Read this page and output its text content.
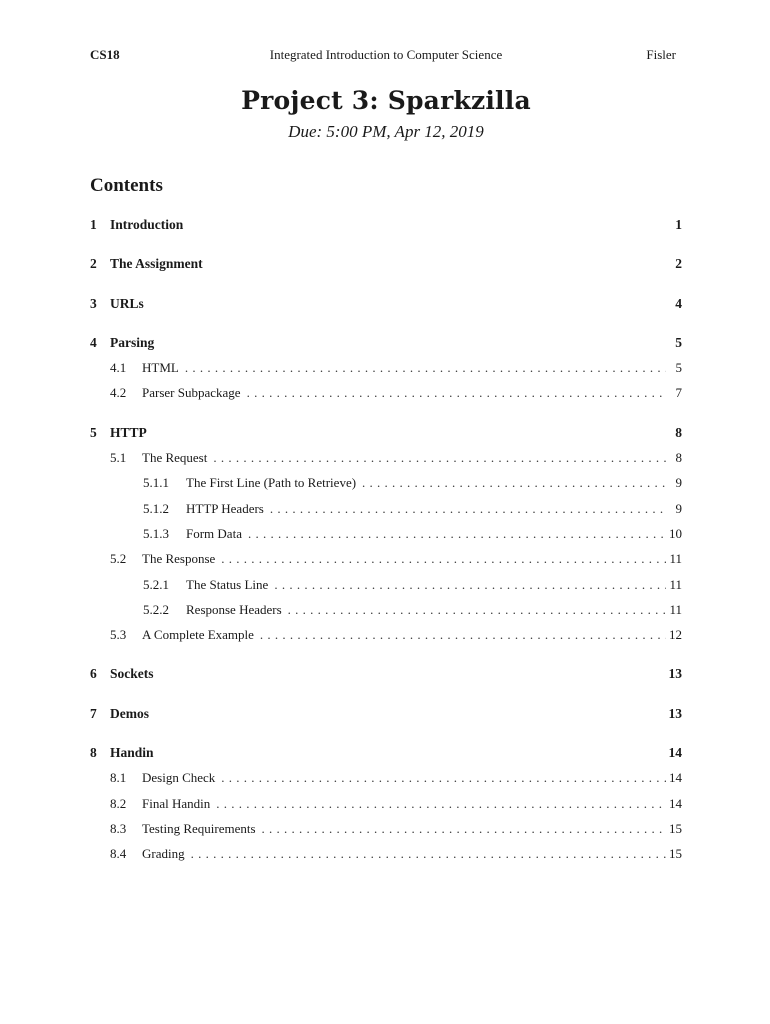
CS18	Integrated Introduction to Computer Science	Fisler
Project 3: Sparkzilla
Due: 5:00 PM, Apr 12, 2019
Contents
1 Introduction	1
2 The Assignment	2
3 URLs	4
4 Parsing	5
4.1	HTML . . .	5
4.2	Parser Subpackage . . .	7
5 HTTP	8
5.1	The Request . . .	8
5.1.1	The First Line (Path to Retrieve) . . .	9
5.1.2	HTTP Headers . . .	9
5.1.3	Form Data . . .	10
5.2	The Response . . .	11
5.2.1	The Status Line . . .	11
5.2.2	Response Headers . . .	11
5.3	A Complete Example . . .	12
6 Sockets	13
7 Demos	13
8 Handin	14
8.1	Design Check . . .	14
8.2	Final Handin . . .	14
8.3	Testing Requirements . . .	15
8.4	Grading . . .	15
